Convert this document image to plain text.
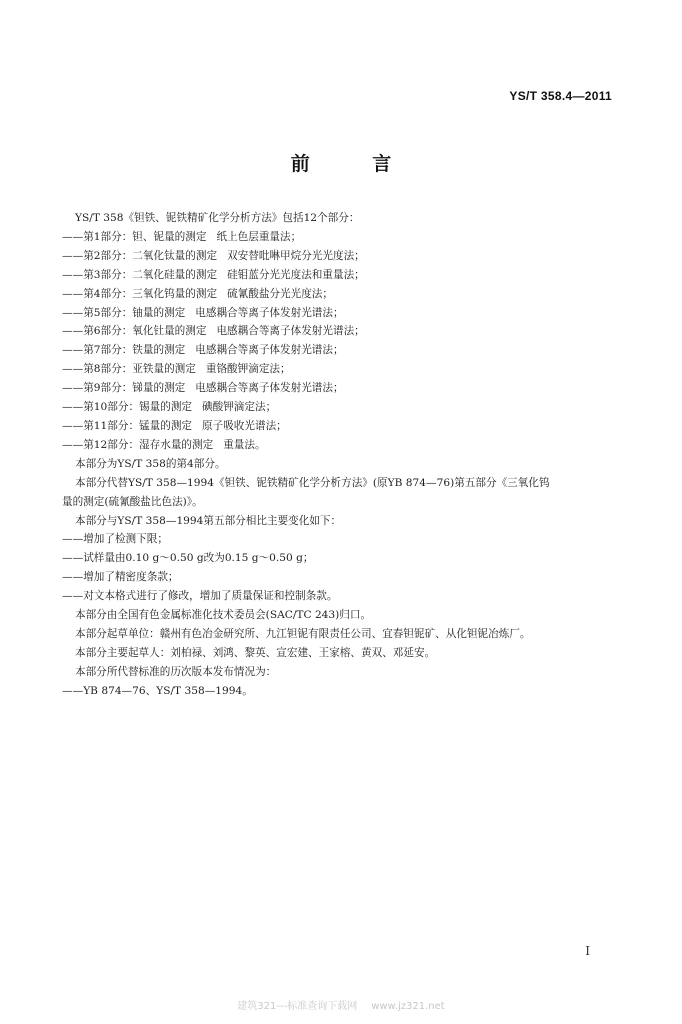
YS/T 358.4—2011
前 言
YS/T 358《钽铁、铌铁精矿化学分析方法》包括12个部分：
——第1部分：钽、铌量的测定 纸上色层重量法；
——第2部分：二氧化钛量的测定 双安替吡啉甲烷分光光度法；
——第3部分：二氧化硅量的测定 硅钼蓝分光光度法和重量法；
——第4部分：三氧化钨量的测定 硫氰酸盐分光光度法；
——第5部分：铀量的测定 电感耦合等离子体发射光谱法；
——第6部分：氧化钍量的测定 电感耦合等离子体发射光谱法；
——第7部分：铁量的测定 电感耦合等离子体发射光谱法；
——第8部分：亚铁量的测定 重铬酸钾滴定法；
——第9部分：锑量的测定 电感耦合等离子体发射光谱法；
——第10部分：锡量的测定 碘酸钾滴定法；
——第11部分：锰量的测定 原子吸收光谱法；
——第12部分：湿存水量的测定 重量法。
本部分为YS/T 358的第4部分。
本部分代替YS/T 358—1994《钽铁、铌铁精矿化学分析方法》(原YB 874—76)第五部分《三氧化钨
量的测定(硫氰酸盐比色法)》。
本部分与YS/T 358—1994第五部分相比主要变化如下：
——增加了检测下限；
——试样量由0.10 g～0.50 g改为0.15 g～0.50 g；
——增加了精密度条款；
——对文本格式进行了修改，增加了质量保证和控制条款。
本部分由全国有色金属标准化技术委员会(SAC/TC 243)归口。
本部分起草单位：赣州有色冶金研究所、九江钽铌有限责任公司、宜春钽铌矿、从化钽铌冶炼厂。
本部分主要起草人：刘柏禄、刘鸿、黎英、宣宏建、王家榕、黄双、邓延安。
本部分所代替标准的历次版本发布情况为：
——YB 874—76、YS/T 358—1994。
I
建筑321---标准查询下载网 www.jz321.net
